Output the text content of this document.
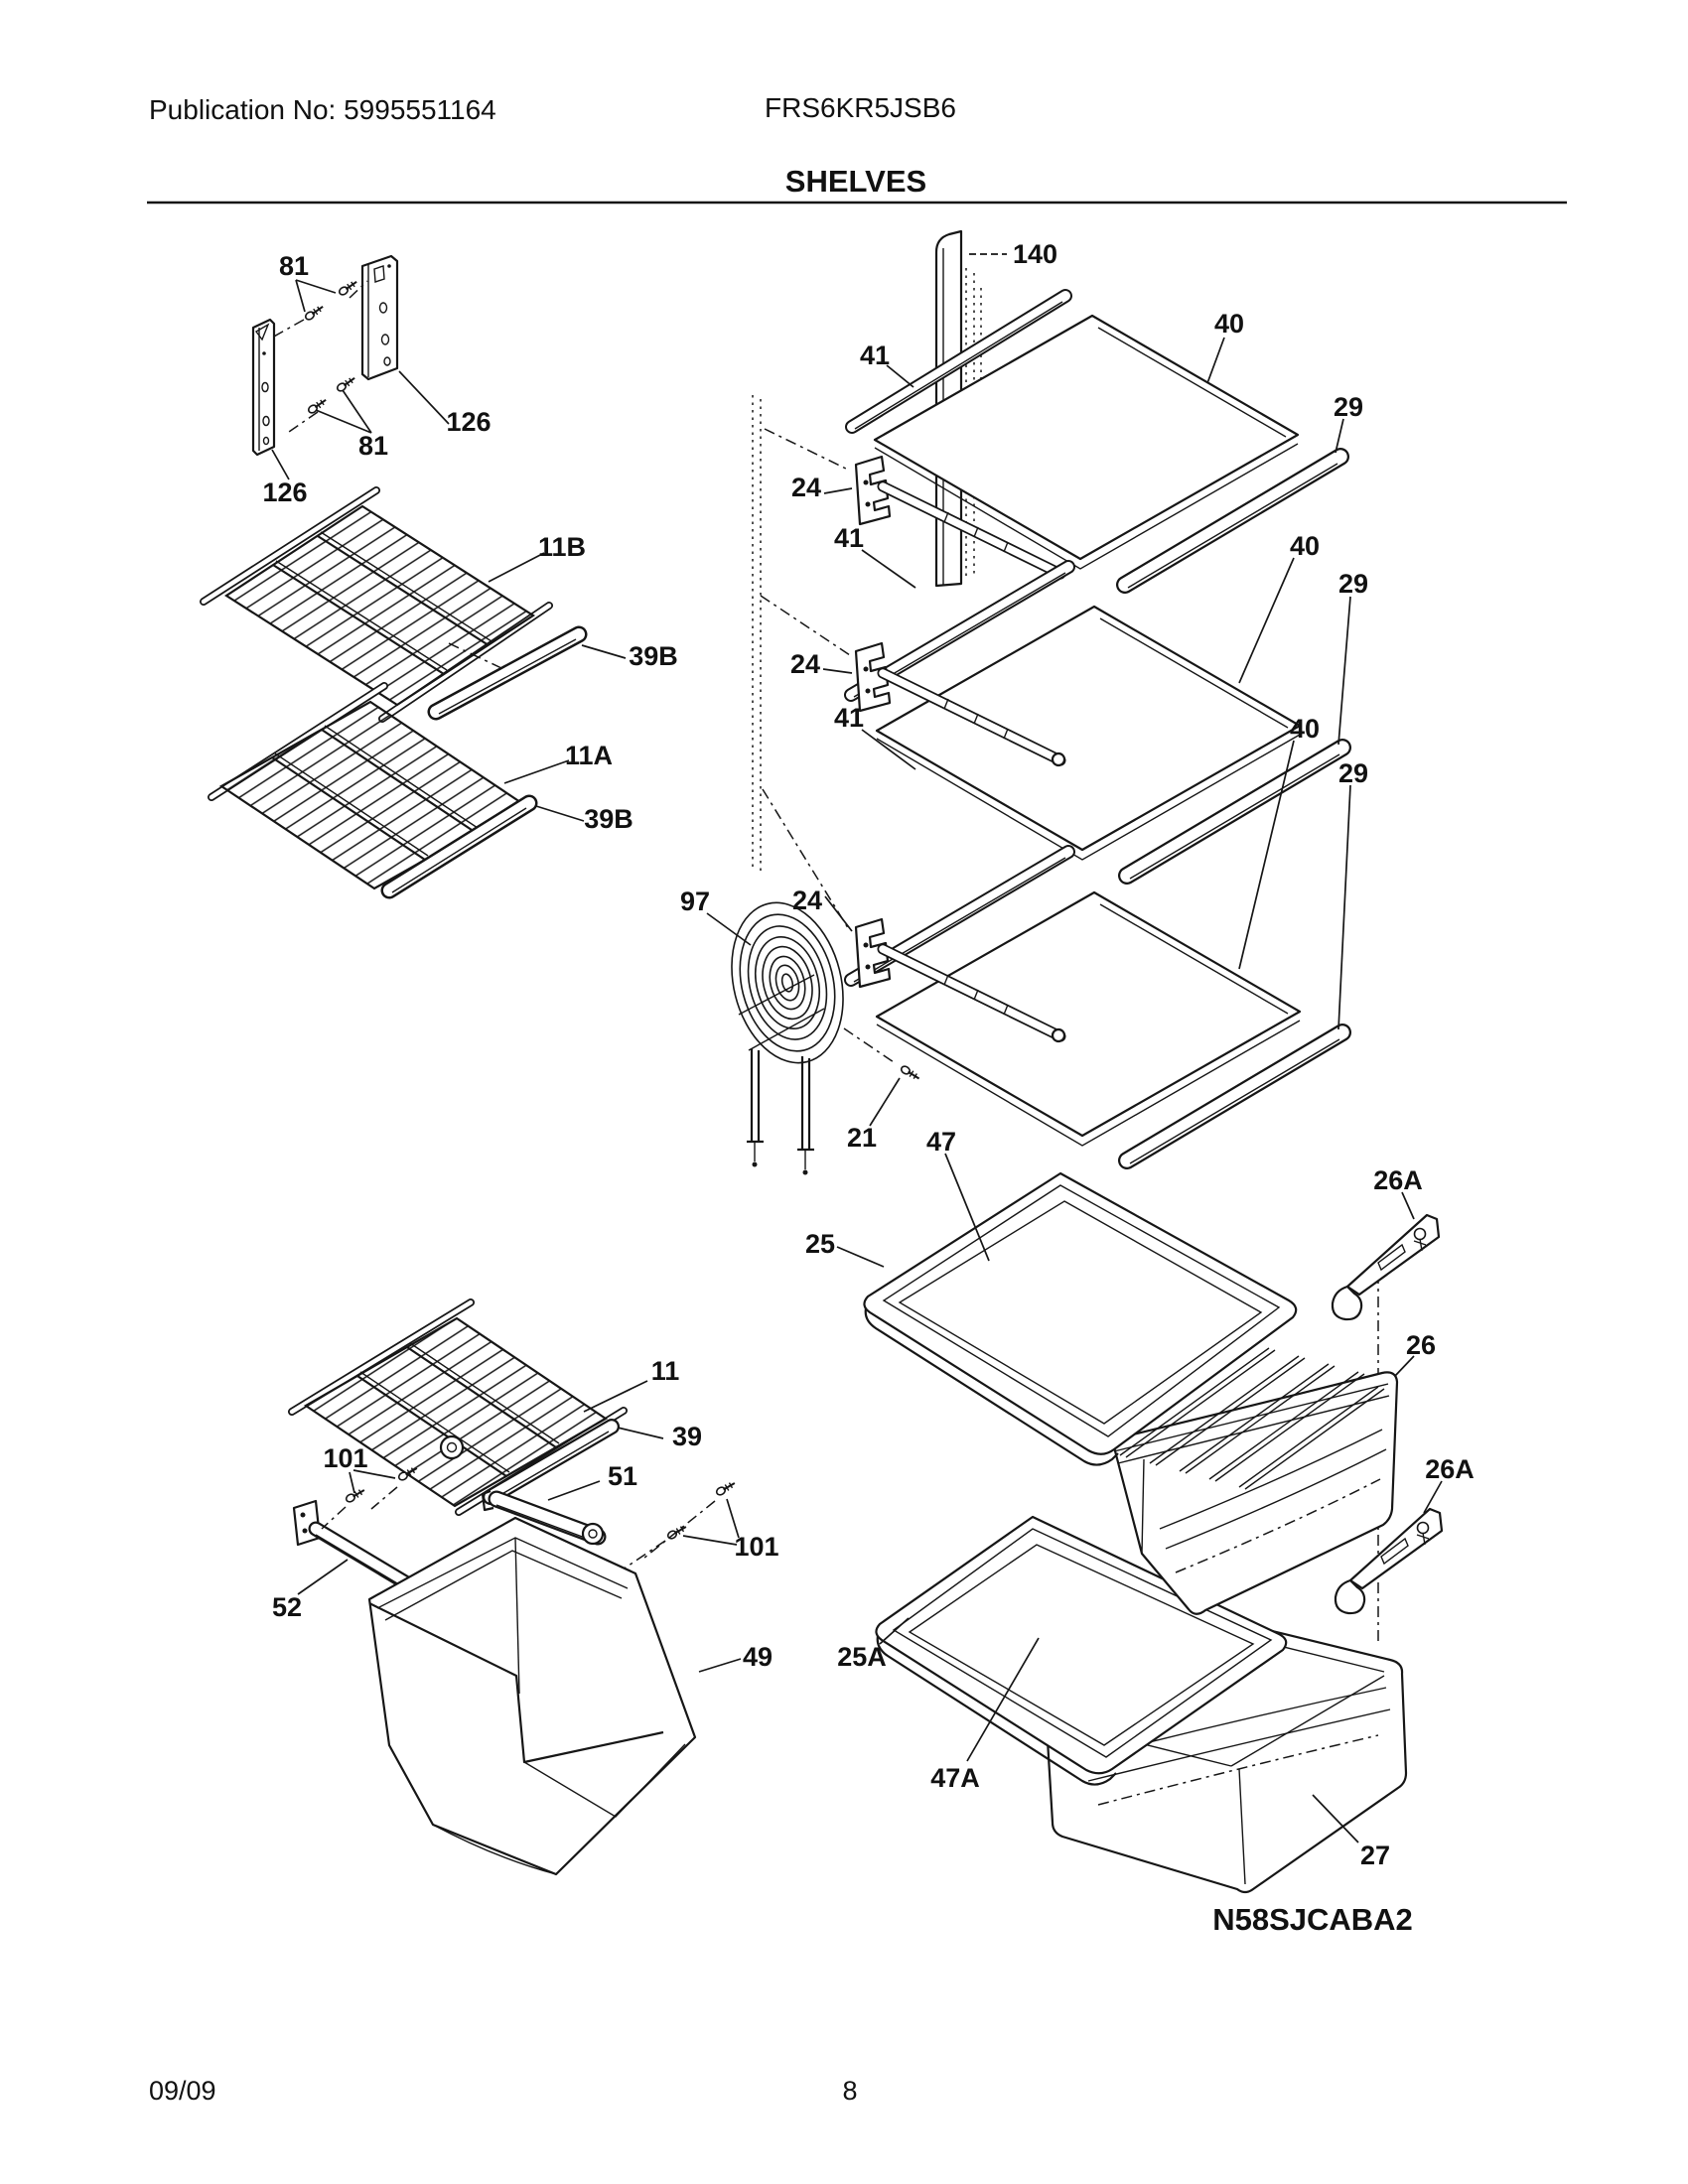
Publication No: 5995551164	FRS6KR5JSB6
SHELVES
81
126
81
126
11B
39B
11A
39B
140
41
40
29
24
41	40
29
24
41	40
29
24
97
21 47
25
26A
26
26A
11
39
101
51
101
52
49 25A
47A
27
N58SJCABA2
09/09	8
